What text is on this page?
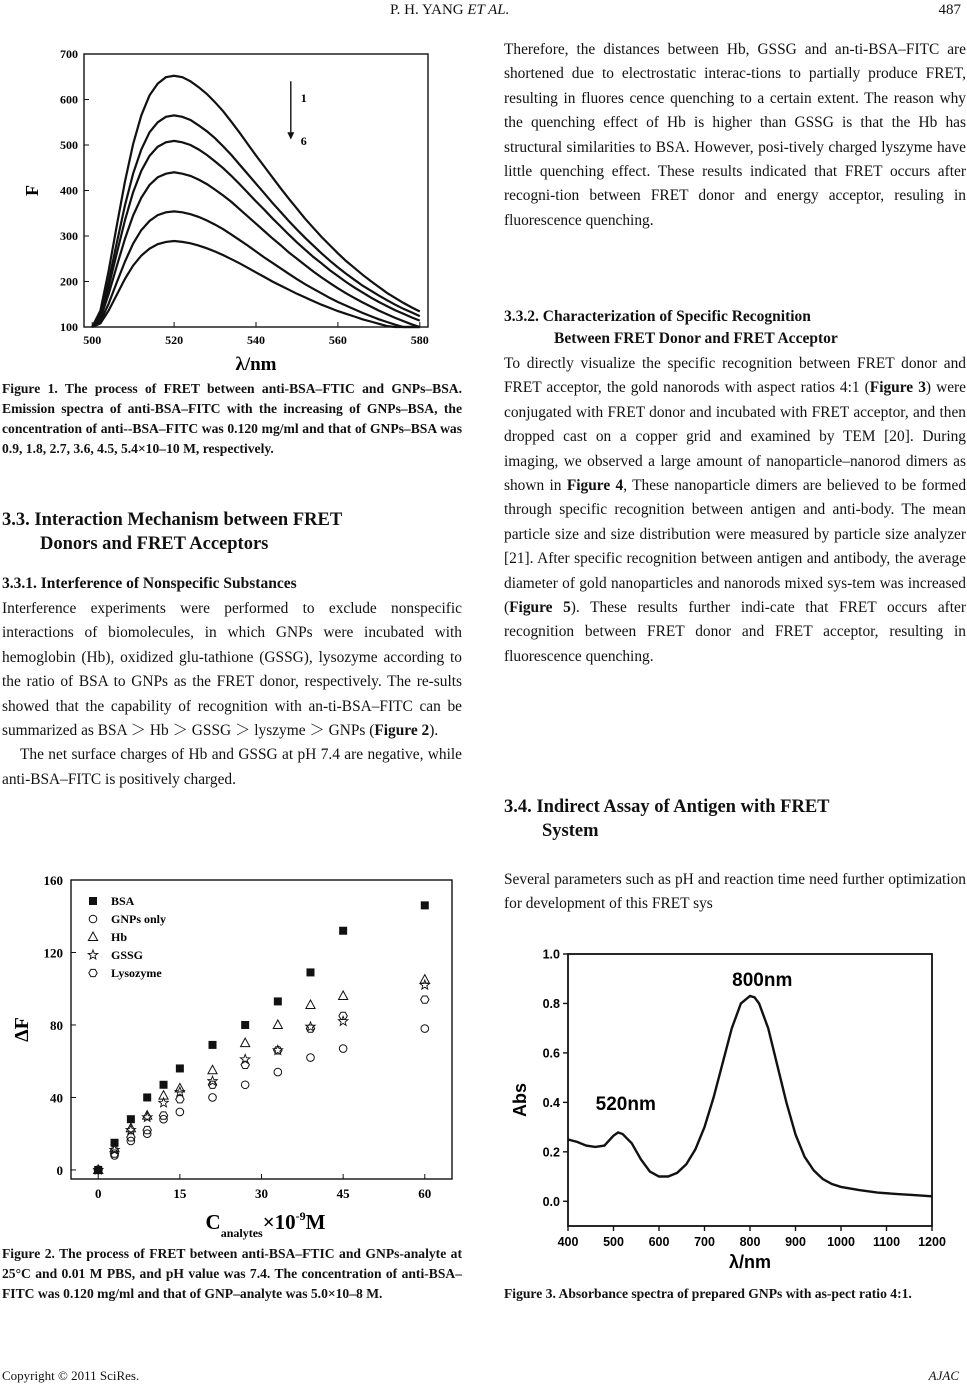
P. H. YANG ET AL.	487
500	520	540	560	580
100
200
300
400
500
600
700
1
6
λ/nm
F

Figure 1. The process of FRET between anti-BSA–FTIC and GNPs–BSA. Emission spectra of anti-BSA–FITC with the increasing of GNPs–BSA, the concentration of anti--BSA–FITC was 0.120 mg/ml and that of GNPs–BSA was 0.9, 1.8, 2.7, 3.6, 4.5, 5.4×10–10 M, respectively.

3.3. Interaction Mechanism between FRET
Donors and FRET Acceptors

3.3.1. Interference of Nonspecific Substances

Interference experiments were performed to exclude nonspecific interactions of biomolecules, in which GNPs were incubated with hemoglobin (Hb), oxidized glu-tathione (GSSG), lysozyme according to the ratio of BSA to GNPs as the FRET donor, respectively. The re-sults showed that the capability of recognition with an-ti-BSA–FITC can be summarized as BSA ＞ Hb ＞ GSSG ＞ lyszyme ＞ GNPs (Figure 2).

The net surface charges of Hb and GSSG at pH 7.4 are negative, while anti-BSA–FITC is positively charged.

0	15	30	45	60
0
40
80
120
160
BSA
GNPs only
Hb
GSSG
Lysozyme
$C_{analytes}\times 10^{-9}M$
ΔF

Figure 2. The process of FRET between anti-BSA–FTIC and GNPs-analyte at 25°C and 0.01 M PBS, and pH value was 7.4. The concentration of anti-BSA–FITC was 0.120 mg/ml and that of GNP–analyte was 5.0×10–8 M.

Therefore, the distances between Hb, GSSG and an-ti-BSA–FITC are shortened due to electrostatic interac-tions to partially produce FRET, resulting in fluores cence quenching to a certain extent. The reason why the quenching effect of Hb is higher than GSSG is that the Hb has structural similarities to BSA. However, posi-tively charged lyszyme have little quenching effect. These results indicated that FRET occurs after recogni-tion between FRET donor and energy acceptor, resuling in fluorescence quenching.

3.3.2. Characterization of Specific Recognition
Between FRET Donor and FRET Acceptor

To directly visualize the specific recognition between FRET donor and FRET acceptor, the gold nanorods with aspect ratios 4:1 (Figure 3) were conjugated with FRET donor and incubated with FRET acceptor, and then dropped cast on a copper grid and examined by TEM [20]. During imaging, we observed a large amount of nanoparticle–nanorod dimers as shown in Figure 4, These nanoparticle dimers are believed to be formed through specific recognition between antigen and anti-body. The mean particle size and size distribution were measured by particle size analyzer [21]. After specific recognition between antigen and antibody, the average diameter of gold nanoparticles and nanorods mixed sys-tem was increased (Figure 5). These results further indi-cate that FRET occurs after recognition between FRET donor and FRET acceptor, resulting in fluorescence quenching.

3.4. Indirect Assay of Antigen with FRET
System

Several parameters such as pH and reaction time need further optimization for development of this FRET sys

400 500 600 700 800 900 1000 1100 1200
0.0
0.2
0.4
0.6
0.8
1.0
520nm
800nm
λ/nm
Abs

Figure 3. Absorbance spectra of prepared GNPs with as-pect ratio 4:1.

Copyright © 2011 SciRes.	AJAC
